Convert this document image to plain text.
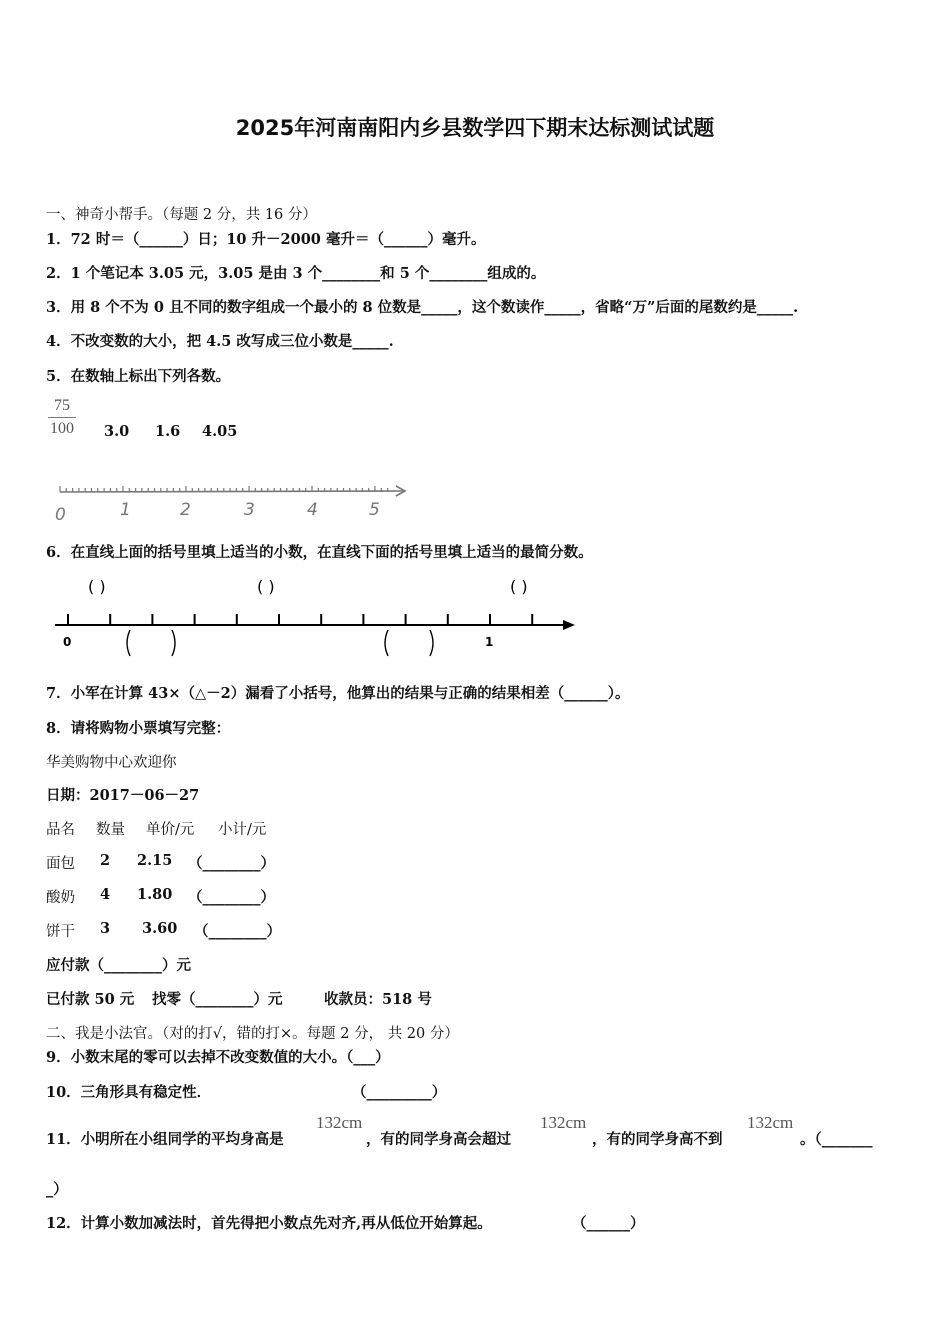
2025年河南南阳内乡县数学四下期末达标测试试题
一、神奇小帮手。（每题 2 分，共 16 分）
1．72 时＝（______）日；10 升－2000 毫升＝（______）毫升。
2．1 个笔记本 3.05 元，3.05 是由 3 个________和 5 个________组成的。
3．用 8 个不为 0 且不同的数字组成一个最小的 8 位数是_____，这个数读作_____，省略“万”后面的尾数约是_____.
4．不改变数的大小，把 4.5 改写成三位小数是_____.
5．在数轴上标出下列各数。
75
100 3.0 1.6 4.05
0	1	2	3	4	5
6．在直线上面的括号里填上适当的小数，在直线下面的括号里填上适当的最简分数。
( )	( )	( )
0	1
7．小军在计算 43×（△－2）漏看了小括号，他算出的结果与正确的结果相差（______）。
8．请将购物小票填写完整：
华美购物中心欢迎你
日期：2017－06－27
品名 数量 单价/元 小计/元
面包 2 2.15 （________）
酸奶 4 1.80 （________）
饼干 3 3.60 （________）
应付款（________）元
已付款 50 元 找零（________）元	收款员：518 号
二、我是小法官。（对的打√，错的打×。每题 2 分， 共 20 分）
9．小数末尾的零可以去掉不改变数值的大小。（___）
10．三角形具有稳定性．	（_________）
11．小明所在小组同学的平均身高是
132cm
，有的同学身高会超过
132cm
，有的同学身高不到
132cm
。（_______
_）
12．计算小数加减法时，首先得把小数点先对齐,再从低位开始算起。	（______）
